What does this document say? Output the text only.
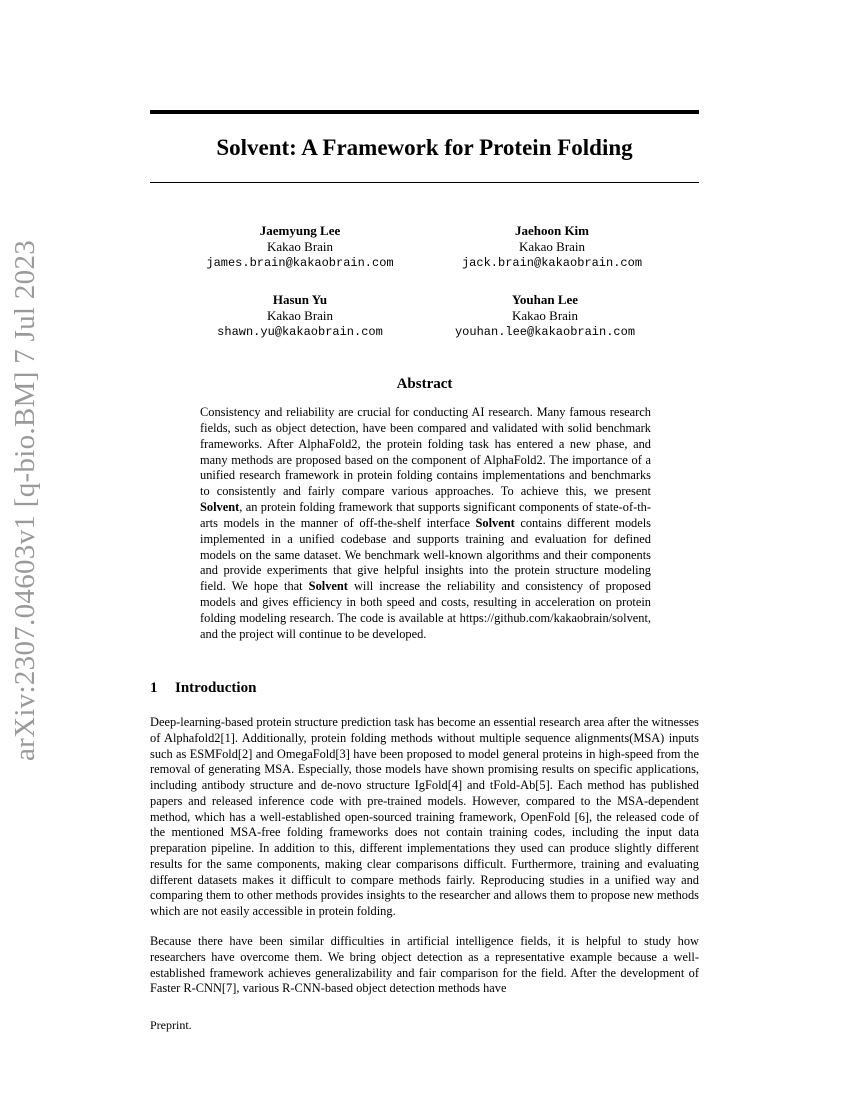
arXiv:2307.04603v1 [q-bio.BM] 7 Jul 2023
Solvent: A Framework for Protein Folding
Jaemyung Lee
Kakao Brain
james.brain@kakaobrain.com
Jaehoon Kim
Kakao Brain
jack.brain@kakaobrain.com
Hasun Yu
Kakao Brain
shawn.yu@kakaobrain.com
Youhan Lee
Kakao Brain
youhan.lee@kakaobrain.com
Abstract

Consistency and reliability are crucial for conducting AI research. Many famous research fields, such as object detection, have been compared and validated with solid benchmark frameworks. After AlphaFold2, the protein folding task has entered a new phase, and many methods are proposed based on the component of AlphaFold2. The importance of a unified research framework in protein folding contains implementations and benchmarks to consistently and fairly compare various approaches. To achieve this, we present Solvent, an protein folding framework that supports significant components of state-of-th-arts models in the manner of off-the-shelf interface Solvent contains different models implemented in a unified codebase and supports training and evaluation for defined models on the same dataset. We benchmark well-known algorithms and their components and provide experiments that give helpful insights into the protein structure modeling field. We hope that Solvent will increase the reliability and consistency of proposed models and gives efficiency in both speed and costs, resulting in acceleration on protein folding modeling research. The code is available at https://github.com/kakaobrain/solvent, and the project will continue to be developed.

1 Introduction

Deep-learning-based protein structure prediction task has become an essential research area after the witnesses of Alphafold2[1]. Additionally, protein folding methods without multiple sequence alignments(MSA) inputs such as ESMFold[2] and OmegaFold[3] have been proposed to model general proteins in high-speed from the removal of generating MSA. Especially, those models have shown promising results on specific applications, including antibody structure and de-novo structure IgFold[4] and tFold-Ab[5]. Each method has published papers and released inference code with pre-trained models. However, compared to the MSA-dependent method, which has a well-established open-sourced training framework, OpenFold [6], the released code of the mentioned MSA-free folding frameworks does not contain training codes, including the input data preparation pipeline. In addition to this, different implementations they used can produce slightly different results for the same components, making clear comparisons difficult. Furthermore, training and evaluating different datasets makes it difficult to compare methods fairly. Reproducing studies in a unified way and comparing them to other methods provides insights to the researcher and allows them to propose new methods which are not easily accessible in protein folding.

Because there have been similar difficulties in artificial intelligence fields, it is helpful to study how researchers have overcome them. We bring object detection as a representative example because a well-established framework achieves generalizability and fair comparison for the field. After the development of Faster R-CNN[7], various R-CNN-based object detection methods have

Preprint.
